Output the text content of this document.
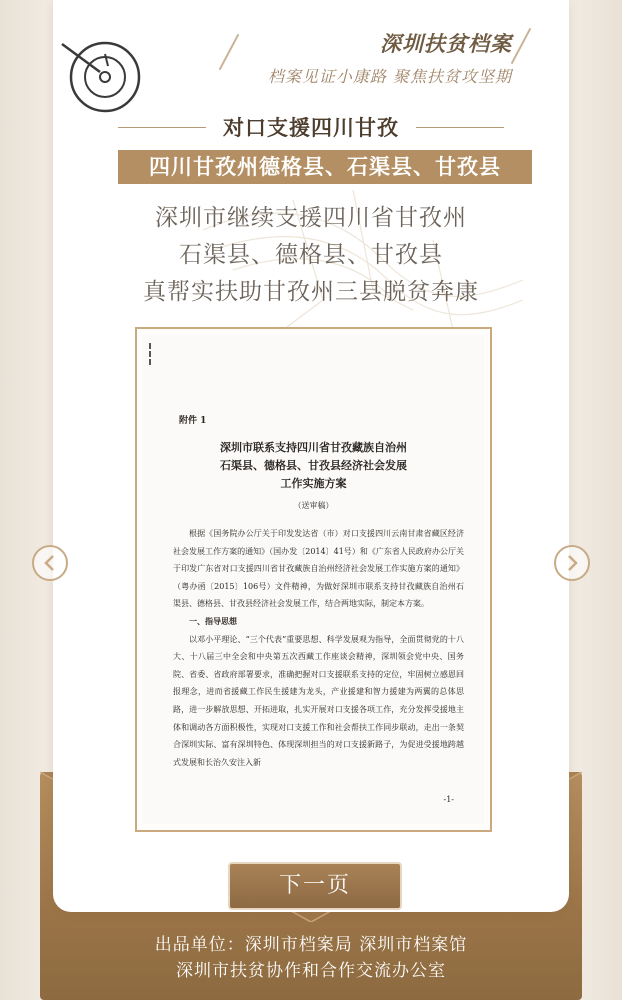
深圳扶贫档案
档案见证小康路 聚焦扶贫攻坚期
对口支援四川甘孜
四川甘孜州德格县、石渠县、甘孜县
深圳市继续支援四川省甘孜州
石渠县、德格县、甘孜县
真帮实扶助甘孜州三县脱贫奔康
附件 1
深圳市联系支持四川省甘孜藏族自治州
石渠县、德格县、甘孜县经济社会发展
工作实施方案
（送审稿）

根据《国务院办公厅关于印发发达省（市）对口支援四川云南甘肃省藏区经济社会发展工作方案的通知》（国办发〔2014〕41号）和《广东省人民政府办公厅关于印发广东省对口支援四川省甘孜藏族自治州经济社会发展工作实施方案的通知》（粤办函〔2015〕106号）文件精神，为做好深圳市联系支持甘孜藏族自治州石渠县、德格县、甘孜县经济社会发展工作，结合两地实际，制定本方案。

一、指导思想

以邓小平理论、“三个代表”重要思想、科学发展观为指导，全面贯彻党的十八大、十八届三中全会和中央第五次西藏工作座谈会精神，深圳领会党中央、国务院、省委、省政府部署要求，准确把握对口支援联系支持的定位，牢固树立感恩回报理念，进而省援藏工作民生援建为龙头，产业援建和智力援建为两翼的总体思路，进一步解放思想、开拓进取，扎实开展对口支援各项工作，充分发挥受援地主体和调动各方面积极性，实现对口支援工作和社会帮扶工作同步联动，走出一条契合深圳实际、富有深圳特色、体现深圳担当的对口支援新路子，为促进受援地跨越式发展和长治久安注入新

-1-
下一页
出品单位：深圳市档案局 深圳市档案馆
深圳市扶贫协作和合作交流办公室
